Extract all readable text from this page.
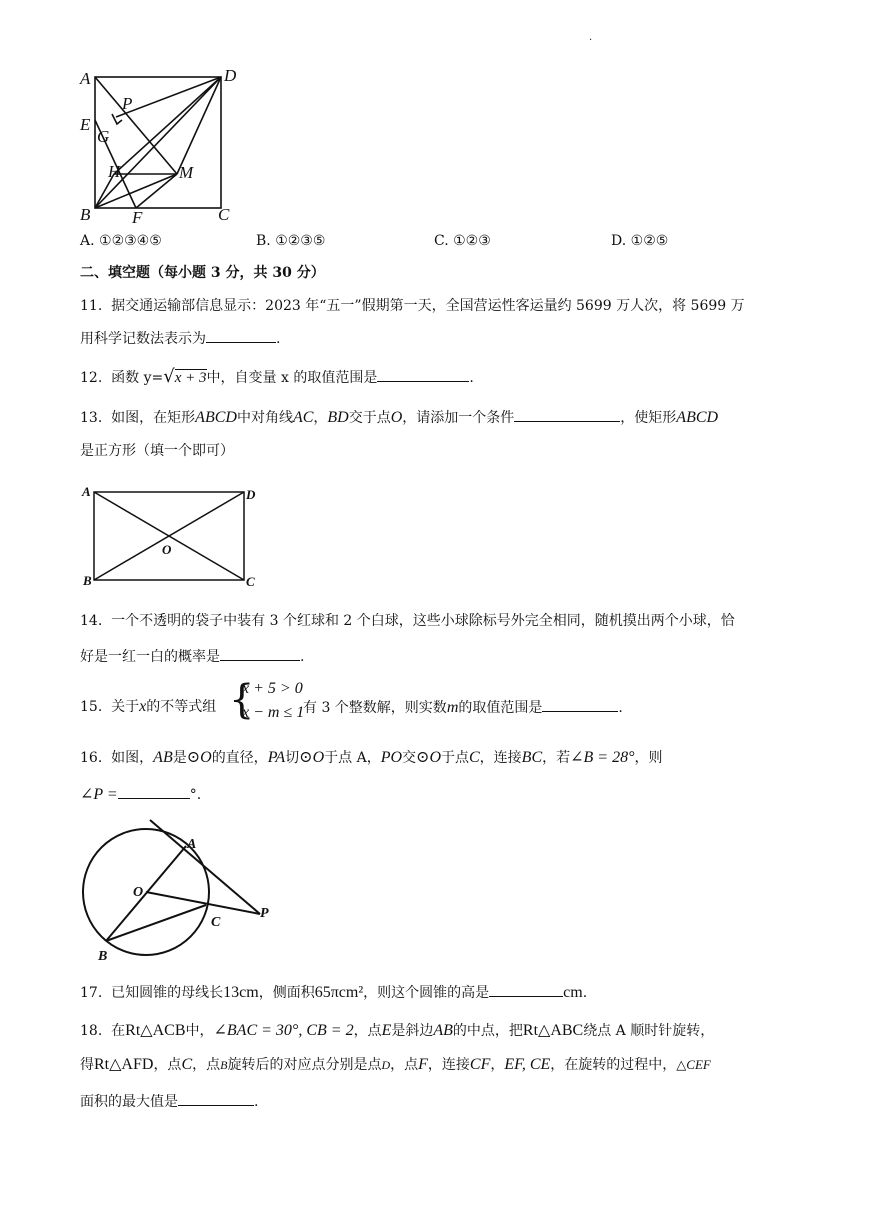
.
A	D
P
E
G
H	M
B F	C
A. ①②③④⑤	B. ①②③⑤	C. ①②③	D. ①②⑤
二、填空题（每小题 3 分，共 30 分）
11. 据交通运输部信息显示：2023 年“五一”假期第一天，全国营运性客运量约 5699 万人次，将 5699 万
用科学记数法表示为	.
12. 函数 y=√x + 3中，自变量 x 的取值范围是	.
13. 如图，在矩形ABCD中对角线AC，BD交于点O，请添加一个条件	，使矩形ABCD
是正方形（填一个即可）
A	D
O
B	C
14. 一个不透明的袋子中装有 3 个红球和 2 个白球，这些小球除标号外完全相同，随机摸出两个小球，恰
好是一红一白的概率是	.
15. 关于x的不等式组 {
x + 5 > 0
x − m ≤ 1
有 3 个整数解，则实数m的取值范围是	.
16. 如图，AB是⊙O的直径，PA切⊙O于点 A，PO交⊙O于点C，连接BC，若∠B = 28°，则
∠P =	°.
A
O
C
P
B
17. 已知圆锥的母线长13cm，侧面积65πcm²，则这个圆锥的高是	cm.
18. 在Rt△ACB中，∠BAC = 30°, CB = 2，点E是斜边AB的中点，把Rt△ABC绕点 A 顺时针旋转，
得Rt△AFD，点C，点B旋转后的对应点分别是点D，点F，连接CF，EF, CE，在旋转的过程中，△CEF
面积的最大值是	.
